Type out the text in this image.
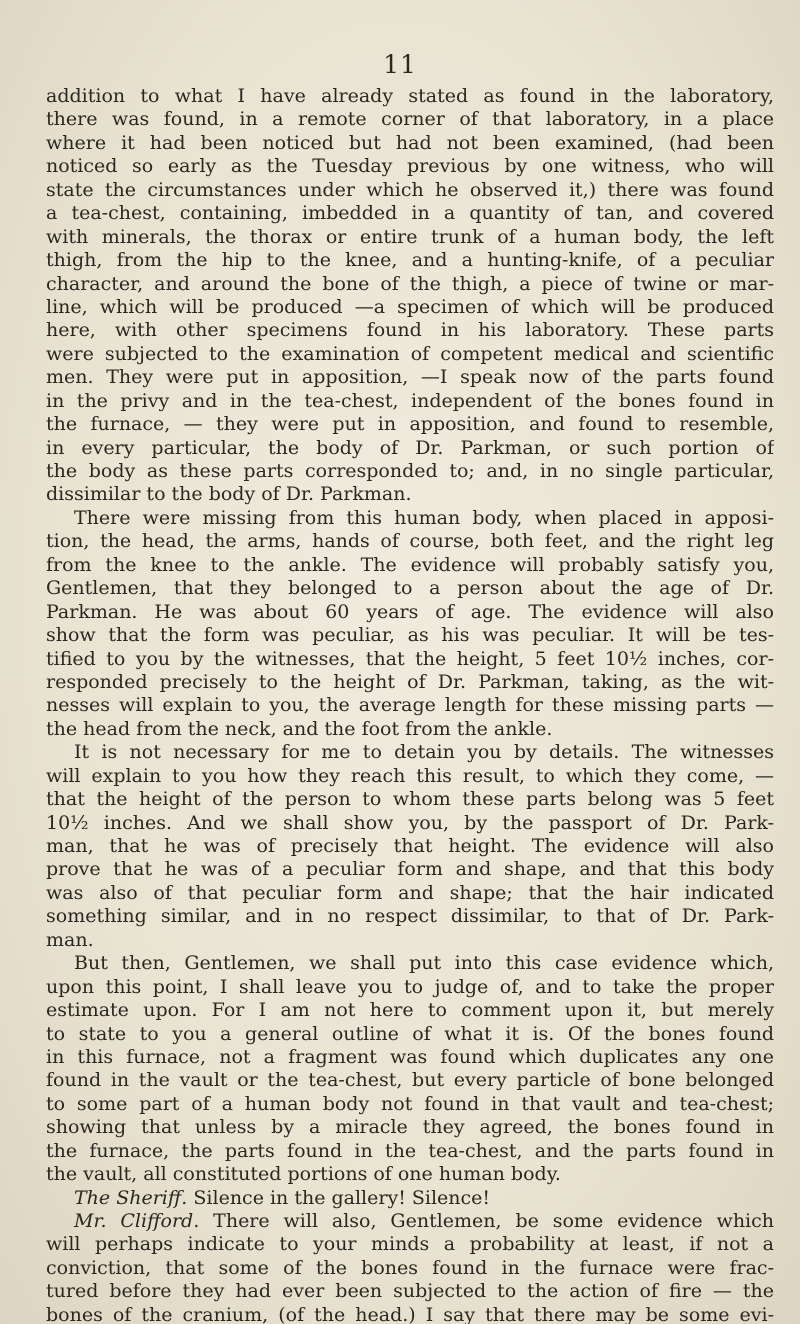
11
addition to what I have already stated as found in the laboratory,
there was found, in a remote corner of that laboratory, in a place
where it had been noticed but had not been examined, (had been
noticed so early as the Tuesday previous by one witness, who will
state the circumstances under which he observed it,) there was found
a tea-chest, containing, imbedded in a quantity of tan, and covered
with minerals, the thorax or entire trunk of a human body, the left
thigh, from the hip to the knee, and a hunting-knife, of a peculiar
character, and around the bone of the thigh, a piece of twine or mar-
line, which will be produced —a specimen of which will be produced
here, with other specimens found in his laboratory. These parts
were subjected to the examination of competent medical and scientific
men. They were put in apposition, —I speak now of the parts found
in the privy and in the tea-chest, independent of the bones found in
the furnace, — they were put in apposition, and found to resemble,
in every particular, the body of Dr. Parkman, or such portion of
the body as these parts corresponded to; and, in no single particular,
dissimilar to the body of Dr. Parkman.
There were missing from this human body, when placed in apposi-
tion, the head, the arms, hands of course, both feet, and the right leg
from the knee to the ankle. The evidence will probably satisfy you,
Gentlemen, that they belonged to a person about the age of Dr.
Parkman. He was about 60 years of age. The evidence will also
show that the form was peculiar, as his was peculiar. It will be tes-
tified to you by the witnesses, that the height, 5 feet 10½ inches, cor-
responded precisely to the height of Dr. Parkman, taking, as the wit-
nesses will explain to you, the average length for these missing parts —
the head from the neck, and the foot from the ankle.
It is not necessary for me to detain you by details. The witnesses
will explain to you how they reach this result, to which they come, —
that the height of the person to whom these parts belong was 5 feet
10½ inches. And we shall show you, by the passport of Dr. Park-
man, that he was of precisely that height. The evidence will also
prove that he was of a peculiar form and shape, and that this body
was also of that peculiar form and shape; that the hair indicated
something similar, and in no respect dissimilar, to that of Dr. Park-
man.
But then, Gentlemen, we shall put into this case evidence which,
upon this point, I shall leave you to judge of, and to take the proper
estimate upon. For I am not here to comment upon it, but merely
to state to you a general outline of what it is. Of the bones found
in this furnace, not a fragment was found which duplicates any one
found in the vault or the tea-chest, but every particle of bone belonged
to some part of a human body not found in that vault and tea-chest;
showing that unless by a miracle they agreed, the bones found in
the furnace, the parts found in the tea-chest, and the parts found in
the vault, all constituted portions of one human body.
The Sheriff. Silence in the gallery! Silence!
Mr. Clifford. There will also, Gentlemen, be some evidence which
will perhaps indicate to your minds a probability at least, if not a
conviction, that some of the bones found in the furnace were frac-
tured before they had ever been subjected to the action of fire — the
bones of the cranium, (of the head.) I say that there may be some evi-
